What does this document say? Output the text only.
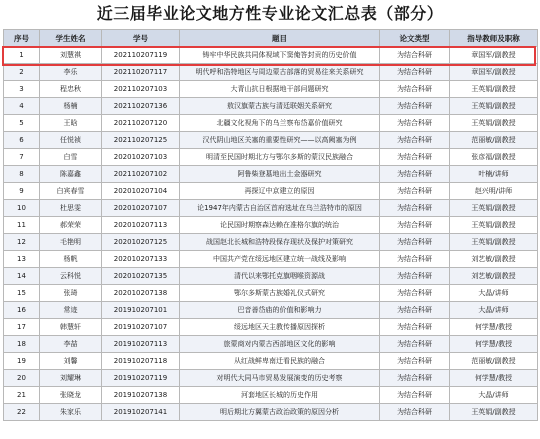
近三届毕业论文地方性专业论文汇总表（部分）
序号	学生姓名	学号	题目	论文类型	指导教师及职称
1	刘慧祺	20211020​7119	铸牢中华民族共同体视域下窦俺答封贡的历史价值	为结合科研	章国军/副教授
2	李乐	20211020​7117	明代呼和浩特地区与周边蒙古部落的贸易往来关系研究	为结合科研	章国军/副教授
3	程忠秋	20211020​7103	大青山抗日根据地干部问题研究	为结合科研	王英娟/副教授
4	杨楠	20211020​7136	敖汉旗蒙古族与清廷联姻关系研究	为结合科研	王英娟/副教授
5	王晗	20211020​7120	北疆文化视角下的乌兰察布岱嘉价值研究	为结合科研	王英娟/副教授
6	任悦祯	20211020​7125	汉代阴山地区关塞的重要性研究——以高阙塞为例	为结合科研	范丽敏/副教授
7	白雪	20201020​7103	明清至民国时期北方与鄂尔多斯的蒙汉民族融合	为结合科研	张彦福/副教授
8	陈嘉鑫	20211020​7102	阿鲁柴登墓地出土金器研究	为结合科研	叶楠/讲师
9	白宾春雪	20201020​7104	再探辽中京建立的原因	为结合科研	赵兴明/讲师
10	杜思雯	20201020​7107	论1947年内蒙古自治区首府选址在乌兰浩特市的原因	为结合科研	王英娟/副教授
11	郝荣荣	20201020​7113	论民国时期察森达赖在准格尔旗的统治	为结合科研	王英娟/副教授
12	毛艳明	20201020​7125	战国赵北长城和浩特段保存现状及保护对策研究	为结合科研	王英娟/副教授
13	杨帆	20201020​7133	中国共产党在绥远地区建立统一战线及影响	为结合科研	刘艺敏/副教授
14	云科悦	20201020​7135	清代以来鄂托克旗咽喉资源战	为结合科研	刘艺敏/副教授
15	张琦	20201020​7138	鄂尔多斯蒙古族婚礼仪式研究	为结合科研	大晶/讲师
16	常迹	20191020​7101	巴音善岱庙的价值和影响力	为结合科研	大晶/讲师
17	韩慧轩	20191020​7107	绥远地区天主教传播原因探析	为结合科研	何学慧/教授
18	李喆	20191020​7113	旅蒙商对内蒙古西部地区文化的影响	为结合科研	何学慧/教授
19	刘馨	20191020​7118	从红战鲜卑南迁看民族的融合	为结合科研	范丽敏/副教授
20	刘耀琳	20191020​7119	对明代大同马市贸易发展演变的历史考察	为结合科研	何学慧/教授
21	张晓龙	20191020​7138	河套地区长城的历史作用	为结合科研	大晶/讲师
22	朱家乐	20191020​7141	明后期北方翼蒙古政治政策的原因分析	为结合科研	王英娟/副教授
